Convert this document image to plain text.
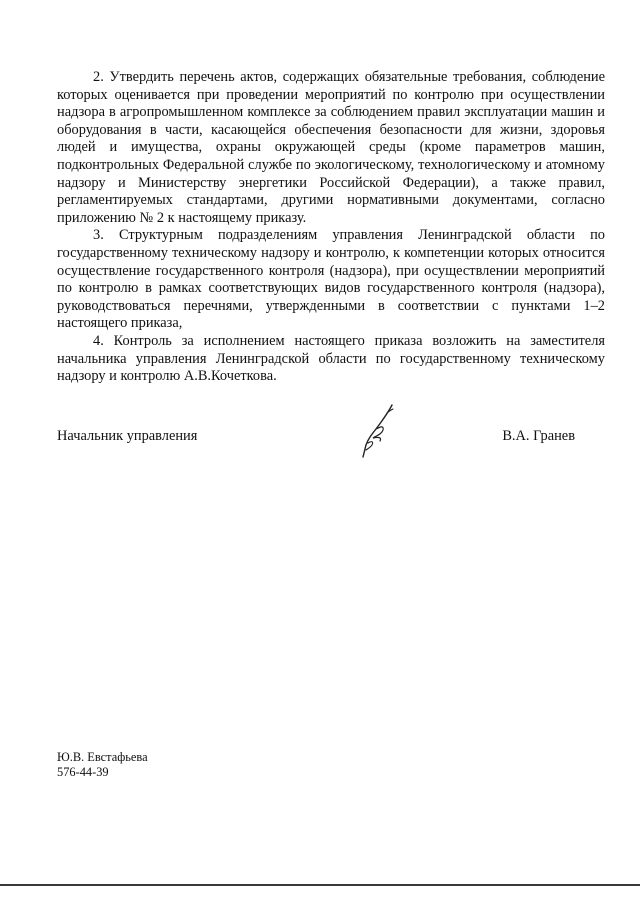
2. Утвердить перечень актов, содержащих обязательные требования, соблюдение которых оценивается при проведении мероприятий по контролю при осуществлении надзора в агропромышленном комплексе за соблюдением правил эксплуатации машин и оборудования в части, касающейся обеспечения безопасности для жизни, здоровья людей и имущества, охраны окружающей среды (кроме параметров машин, подконтрольных Федеральной службе по экологическому, технологическому и атомному надзору и Министерству энергетики Российской Федерации), а также правил, регламентируемых стандартами, другими нормативными документами, согласно приложению № 2 к настоящему приказу.

3. Структурным подразделениям управления Ленинградской области по государственному техническому надзору и контролю, к компетенции которых относится осуществление государственного контроля (надзора), при осуществлении мероприятий по контролю в рамках соответствующих видов государственного контроля (надзора), руководствоваться перечнями, утвержденными в соответствии с пунктами 1–2 настоящего приказа,

4. Контроль за исполнением настоящего приказа возложить на заместителя начальника управления Ленинградской области по государственному техническому надзору и контролю А.В.Кочеткова.

Начальник управления	В.А. Гранев
Ю.В. Евстафьева
576-44-39
